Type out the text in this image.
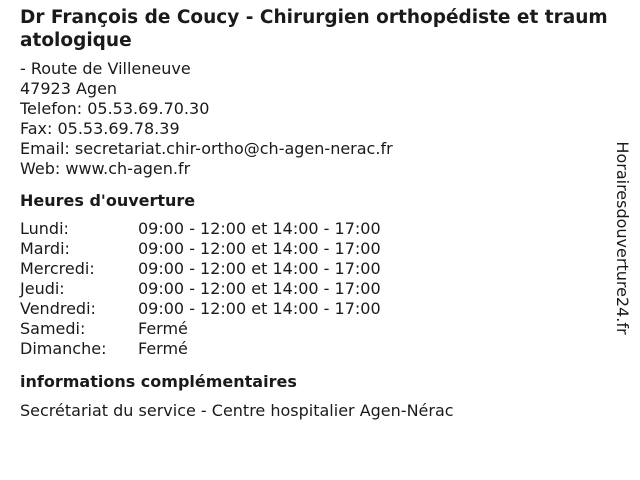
Dr François de Coucy - Chirurgien orthopédiste et traumatologique
- Route de Villeneuve
47923 Agen
Telefon: 05.53.69.70.30
Fax: 05.53.69.78.39
Email: secretariat.chir-ortho@ch-agen-nerac.fr
Web: www.ch-agen.fr
Heures d'ouverture
Lundi:	09:00 - 12:00 et 14:00 - 17:00
Mardi:	09:00 - 12:00 et 14:00 - 17:00
Mercredi:	09:00 - 12:00 et 14:00 - 17:00
Jeudi:	09:00 - 12:00 et 14:00 - 17:00
Vendredi:	09:00 - 12:00 et 14:00 - 17:00
Samedi:	Fermé
Dimanche:	Fermé
informations complémentaires
Secrétariat du service - Centre hospitalier Agen-Nérac
Horairesdouverture24.fr
